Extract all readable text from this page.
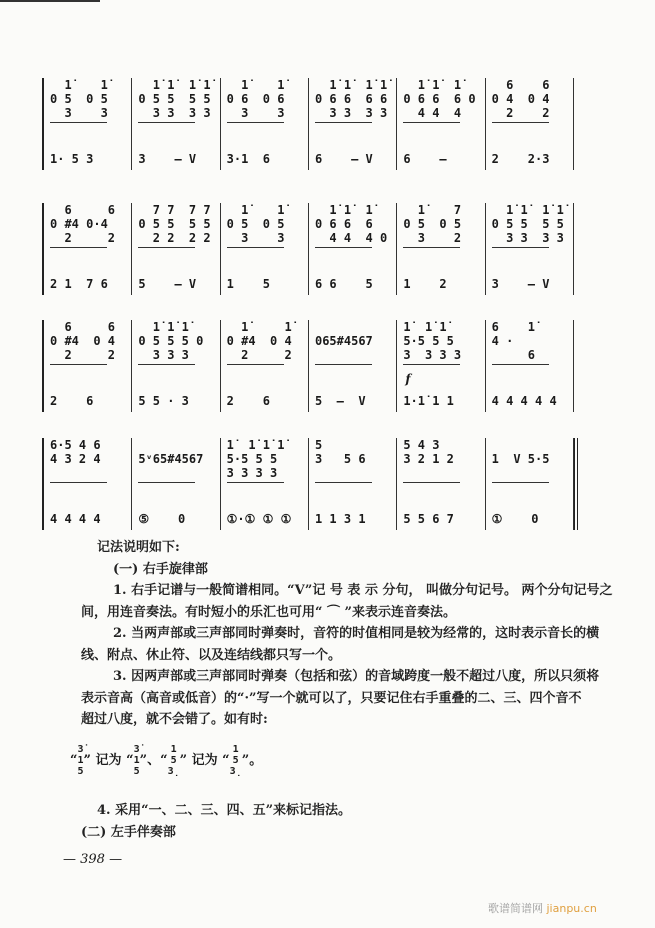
1̇    1̇
0 5  0 5
3    3
1· 5 3
1̇ 1̇  1̇ 1̇
0 5 5  5 5
3 3  3 3
3    — V
1̇    1̇
0 6  0 6
3    3
3·1  6
1̇ 1̇  1̇ 1̇
0 6 6  6 6
3 3  3 3
6    — V
1̇ 1̇  1̇
0 6 6  6 0
4 4  4
6    —
6    6
0 4  0 4
2    2
2    2·3
6     6
0 #4 0·4
2     2
2 1  7 6
7 7  7 7
0 5 5  5 5
2 2  2 2
5    — V
1̇    1̇
0 5  0 5
3    3
1    5
1̇ 1̇  1̇
0 6 6  6
4 4  4 0
6 6    5
1̇    7
0 5  0 5
3    2
1    2
1̇ 1̇  1̇ 1̇
0 5 5  5 5
3 3  3 3
3    — V
6     6
0 #4  0 4
2     2
2    6
1̇ 1̇ 1̇
0 5 5 5 0
3 3 3
5 5 · 3
1̇     1̇
0 #4  0 4
2     2
2    6
065#4567
5  —  V
1̇  1̇ 1̇
5·5 5 5
3  3 3 3
f
1·1̇ 1 1
6    1̇
4 ·
6
4 4 4 4 4
6·5 4 6
4 3 2 4
4 4 4 4
5ᵛ65#4567
⑤    0
1̇  1̇ 1̇ 1̇
5·5 5 5
3 3 3 3
①·① ① ①
5
3   5 6
1 1 3 1
5 4 3
3 2 1 2
5 5 6 7
1  V 5·5
①    0

记法说明如下:

(一) 右手旋律部

1. 右手记谱与一般简谱相同。“V”记 号 表 示 分句， 叫做分句记号。 两个分句记号之

间，用连音奏法。有时短小的乐汇也可用“ ⌒ ”来表示连音奏法。

2. 当两声部或三声部同时弹奏时，音符的时值相同是较为经常的，这时表示音长的横

线、附点、休止符、以及连结线都只写一个。

3. 因两声部或三声部同时弹奏（包括和弦）的音域跨度一般不超过八度，所以只须将

表示音高（高音或低音）的“·”写一个就可以了，只要记住右手重叠的二、三、四个音不

超过八度，就不会错了。如有时:

“3̇
1̇
5” 记为 “3̇
1
5”、“1
5
3̣” 记为 “1
5
3̣”。

4. 采用“一、二、三、四、五”来标记指法。

(二) 左手伴奏部

— 398 —
歌谱简谱网 jianpu.cn
